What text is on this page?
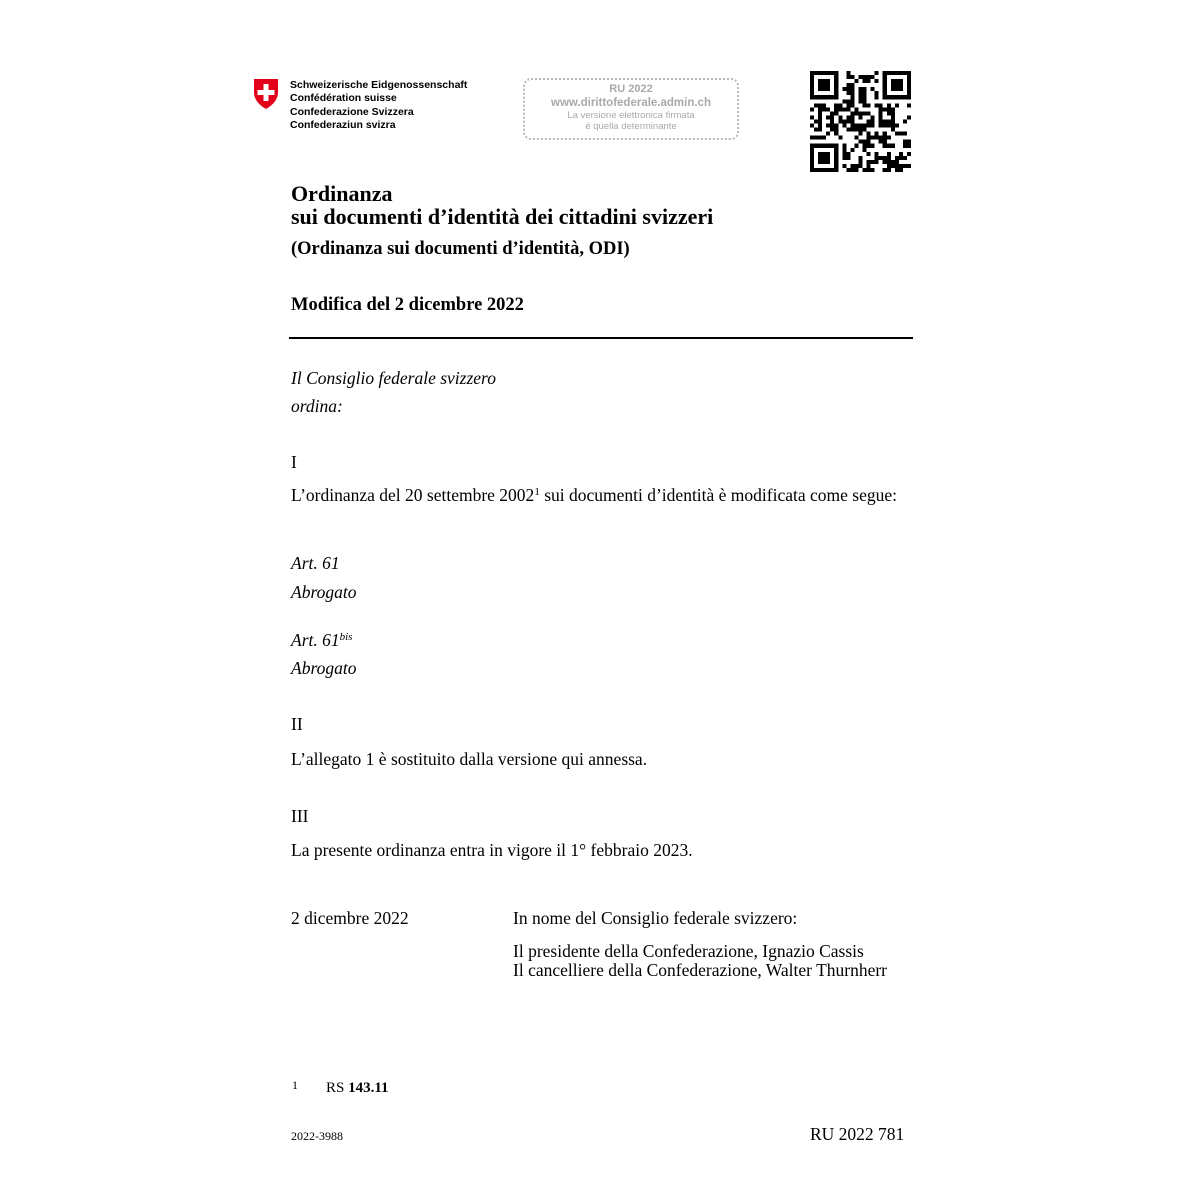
Schweizerische Eidgenossenschaft
Confédération suisse
Confederazione Svizzera
Confederaziun svizra
RU 2022
www.dirittofederale.admin.ch
La versione elettronica firmata
è quella determinante
Ordinanza
sui documenti d’identità dei cittadini svizzeri
(Ordinanza sui documenti d’identità, ODI)
Modifica del 2 dicembre 2022
Il Consiglio federale svizzero
ordina:
I
L’ordinanza del 20 settembre 2002$^1$ sui documenti d’identità è modificata come segue:
Art. 61
Abrogato
Art. $61^{bis}$
Abrogato
II
L’allegato 1 è sostituito dalla versione qui annessa.
III
La presente ordinanza entra in vigore il 1° febbraio 2023.
2 dicembre 2022	In nome del Consiglio federale svizzero:
Il presidente della Confederazione, Ignazio Cassis
Il cancelliere della Confederazione, Walter Thurnherr
1 RS 143.11
2022-3988	RU 2022 781
